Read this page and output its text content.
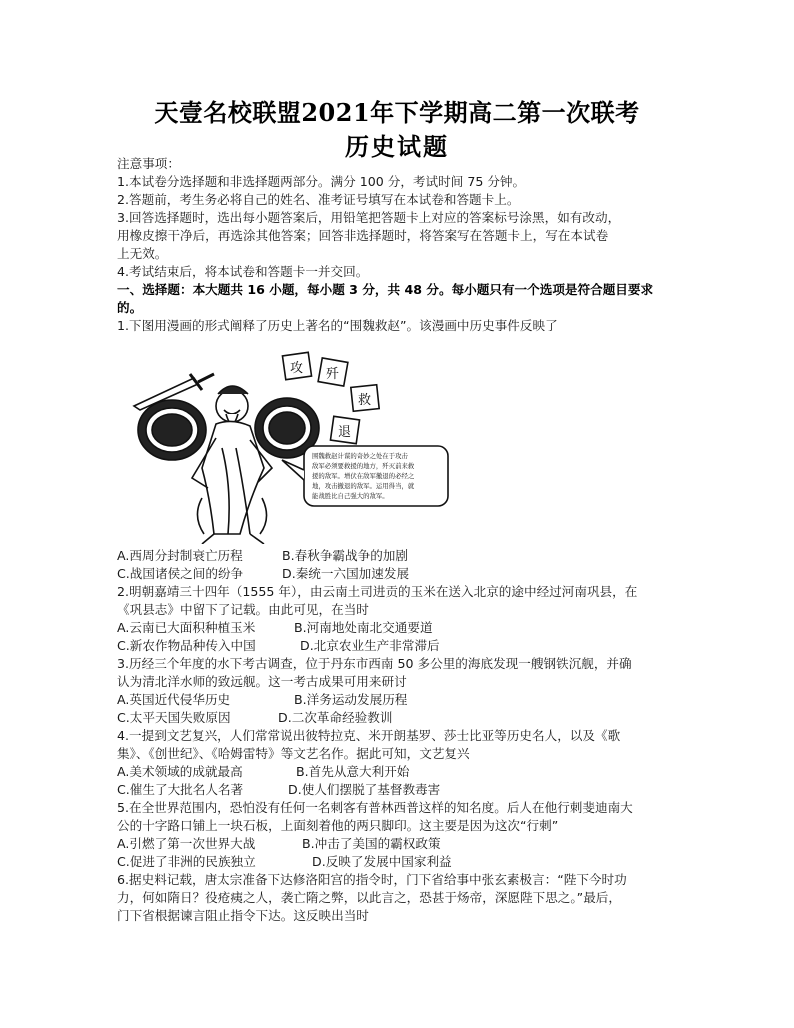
天壹名校联盟2021年下学期高二第一次联考
历史试题
注意事项：
1.本试卷分选择题和非选择题两部分。满分 100 分，考试时间 75 分钟。
2.答题前，考生务必将自己的姓名、准考证号填写在本试卷和答题卡上。
3.回答选择题时，选出每小题答案后，用铅笔把答题卡上对应的答案标号涂黑，如有改动，
用橡皮擦干净后，再选涂其他答案；回答非选择题时，将答案写在答题卡上，写在本试卷
上无效。
4.考试结束后，将本试卷和答题卡一并交回。
一、选择题：本大题共 16 小题，每小题 3 分，共 48 分。每小题只有一个选项是符合题目要求
的。
1.下图用漫画的形式阐释了历史上著名的“围魏救赵”。该漫画中历史事件反映了
攻 歼
救
退
围魏救赵计谋的奇妙之处在于攻击
敌军必须要救援的地方，歼灭前来救
援的敌军。增伏在敌军撤退的必经之
地，攻击撤退的敌军。运用得当，就
能战胜比自己强大的敌军。
A.西周分封制衰亡历程	B.春秋争霸战争的加剧
C.战国诸侯之间的纷争	D.秦统一六国加速发展
2.明朝嘉靖三十四年（1555 年），由云南土司进贡的玉米在送入北京的途中经过河南巩县，在
《巩县志》中留下了记载。由此可见，在当时
A.云南已大面积种植玉米	B.河南地处南北交通要道
C.新农作物品种传入中国	D.北京农业生产非常滞后
3.历经三个年度的水下考古调查，位于丹东市西南 50 多公里的海底发现一艘钢铁沉舰，并确
认为清北洋水师的致远舰。这一考古成果可用来研讨
A.英国近代侵华历史	B.洋务运动发展历程
C.太平天国失败原因	D.二次革命经验教训
4.一提到文艺复兴，人们常常说出彼特拉克、米开朗基罗、莎士比亚等历史名人，以及《歌
集》、《创世纪》、《哈姆雷特》等文艺名作。据此可知，文艺复兴
A.美术领域的成就最高	B.首先从意大利开始
C.催生了大批名人名著	D.使人们摆脱了基督教毒害
5.在全世界范围内，恐怕没有任何一名刺客有普林西普这样的知名度。后人在他行刺斐迪南大
公的十字路口铺上一块石板，上面刻着他的两只脚印。这主要是因为这次“行刺”
A.引燃了第一次世界大战	B.冲击了美国的霸权政策
C.促进了非洲的民族独立	D.反映了发展中国家利益
6.据史料记载，唐太宗准备下达修洛阳宫的指令时，门下省给事中张玄素极言：“陛下今时功
力，何如隋日？役疮痍之人，袭亡隋之弊，以此言之，恐甚于炀帝，深愿陛下思之。”最后，
门下省根据谏言阻止指令下达。这反映出当时
